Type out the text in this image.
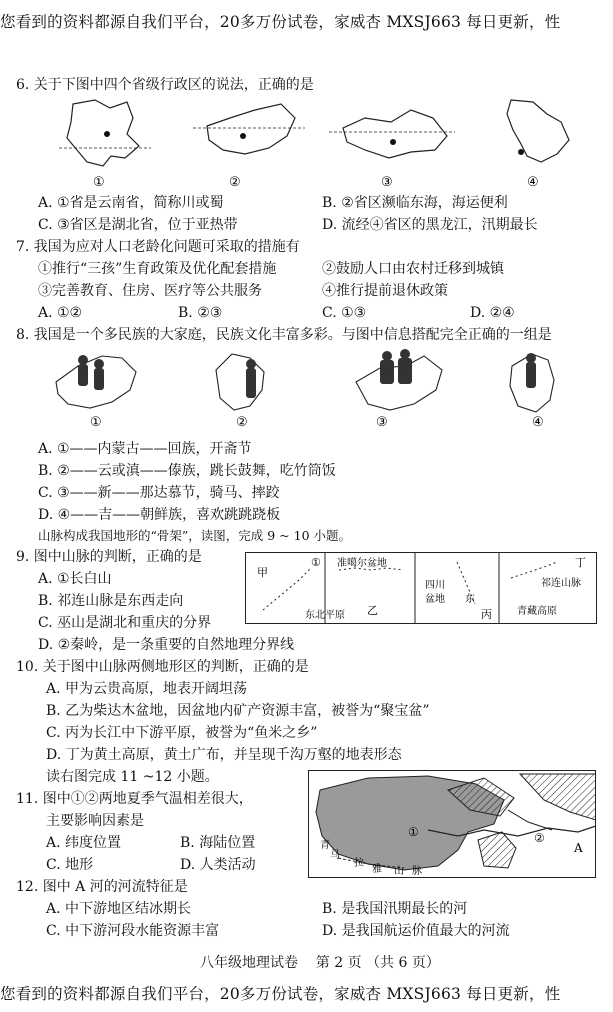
您看到的资料都源自我们平台，20多万份试卷，家威杏 MXSJ663 每日更新，性
6. 关于下图中四个省级行政区的说法，正确的是
①	②	③	④
A. ①省是云南省，简称川或蜀	B. ②省区濒临东海，海运便利
C. ③省区是湖北省，位于亚热带	D. 流经④省区的黑龙江，汛期最长
7. 我国为应对人口老龄化问题可采取的措施有
①推行“三孩”生育政策及优化配套措施	②鼓励人口由农村迁移到城镇
③完善教育、住房、医疗等公共服务	④推行提前退休政策
A. ①②	B. ②③	C. ①③	D. ②④
8. 我国是一个多民族的大家庭，民族文化丰富多彩。与图中信息搭配完全正确的一组是
①	②	③	④
A. ①——内蒙古——回族，开斋节
B. ②——云或滇——傣族，跳长鼓舞，吃竹筒饭
C. ③——新——那达慕节，骑马、摔跤
D. ④——吉——朝鲜族，喜欢跳跳跷板
山脉构成我国地形的“骨架”，读图，完成 9 ~ 10 小题。
9. 图中山脉的判断，正确的是
A. ①长白山
B. 祁连山脉是东西走向
C. 巫山是湖北和重庆的分界
D. ②秦岭，是一条重要的自然地理分界线
甲
①
东北平原
准噶尔盆地
乙
四川
盆地 东
丙
丁
祁连山脉
青藏高原
10. 关于图中山脉两侧地形区的判断，正确的是
A. 甲为云贵高原，地表开阔坦荡
B. 乙为柴达木盆地，因盆地内矿产资源丰富，被誉为“聚宝盆”
C. 丙为长江中下游平原，被誉为“鱼米之乡”
D. 丁为黄土高原，黄土广布，并呈现千沟万壑的地表形态
读右图完成 11 ~12 小题。
11. 图中①②两地夏季气温相差很大，
主要影响因素是
A. 纬度位置	B. 海陆位置
C. 地形	D. 人类活动
①	②
A
青
马
拉
雅 山 脉
12. 图中 A 河的河流特征是
A. 中下游地区结冰期长	B. 是我国汛期最长的河
C. 中下游河段水能资源丰富	D. 是我国航运价值最大的河流
八年级地理试卷    第 2 页 （共 6 页）
您看到的资料都源自我们平台，20多万份试卷，家威杏 MXSJ663 每日更新，性
